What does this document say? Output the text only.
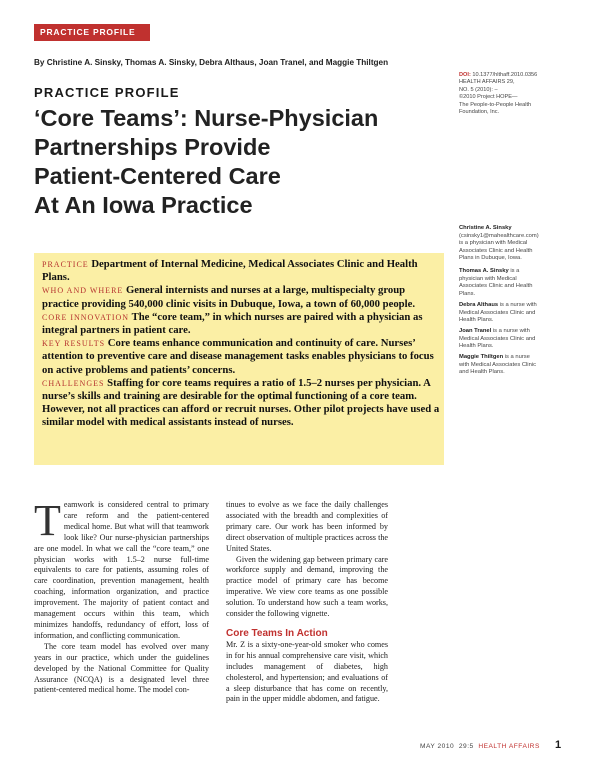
PRACTICE PROFILE
By Christine A. Sinsky, Thomas A. Sinsky, Debra Althaus, Joan Tranel, and Maggie Thiltgen
PRACTICE PROFILE
‘Core Teams’: Nurse-Physician
Partnerships Provide
Patient-Centered Care
At An Iowa Practice
DOI: 10.1377/hlthaff.2010.0356
HEALTH AFFAIRS 29,
NO. 5 (2010): –
©2010 Project HOPE—
The People-to-People Health
Foundation, Inc.
Christine A. Sinsky
(csinsky1@mahealthcare.com)
is a physician with Medical
Associates Clinic and Health
Plans in Dubuque, Iowa.
Thomas A. Sinsky is a
physician with Medical
Associates Clinic and Health
Plans.
Debra Althaus is a nurse with
Medical Associates Clinic and
Health Plans.
Joan Tranel is a nurse with
Medical Associates Clinic and
Health Plans.
Maggie Thiltgen is a nurse
with Medical Associates Clinic
and Health Plans.

PRACTICE Department of Internal Medicine, Medical Associates Clinic and Health Plans.

WHO AND WHERE General internists and nurses at a large, multispecialty group practice providing 540,000 clinic visits in Dubuque, Iowa, a town of 60,000 people.

CORE INNOVATION The “core team,” in which nurses are paired with a physician as integral partners in patient care.

KEY RESULTS Core teams enhance communication and continuity of care. Nurses’ attention to preventive care and disease management tasks enables physicians to focus on active problems and patients’ concerns.

CHALLENGES Staffing for core teams requires a ratio of 1.5–2 nurses per physician. A nurse’s skills and training are desirable for the optimal functioning of a core team. However, not all practices can afford or recruit nurses. Other pilot projects have used a similar model with medical assistants instead of nurses.

Teamwork is considered central to primary care reform and the patient-centered medical home. But what will that teamwork look like? Our nurse-physician partnerships are one model. In what we call the “core team,” one physician works with 1.5–2 nurse full-time equivalents to care for patients, assuming roles of care coordination, prevention management, health coaching, information organization, and practice improvement. The majority of patient contact and management occurs within this team, which minimizes handoffs, redundancy of effort, loss of information, and conflicting communication.

The core team model has evolved over many years in our practice, which under the guidelines developed by the National Committee for Quality Assurance (NCQA) is a designated level three patient-centered medical home. The model con-

tinues to evolve as we face the daily challenges associated with the breadth and complexities of primary care. Our work has been informed by direct observation of multiple practices across the United States.

Given the widening gap between primary care workforce supply and demand, improving the practice model of primary care has become imperative. We view core teams as one possible solution. To understand how such a team works, consider the following vignette.

Core Teams In Action

Mr. Z is a sixty-one-year-old smoker who comes in for his annual comprehensive care visit, which includes management of diabetes, high cholesterol, and hypertension; and evaluations of a sleep disturbance that has come on recently, pain in the upper middle abdomen, and fatigue.

MAY 2010 29:5 HEALTH AFFAIRS 1
